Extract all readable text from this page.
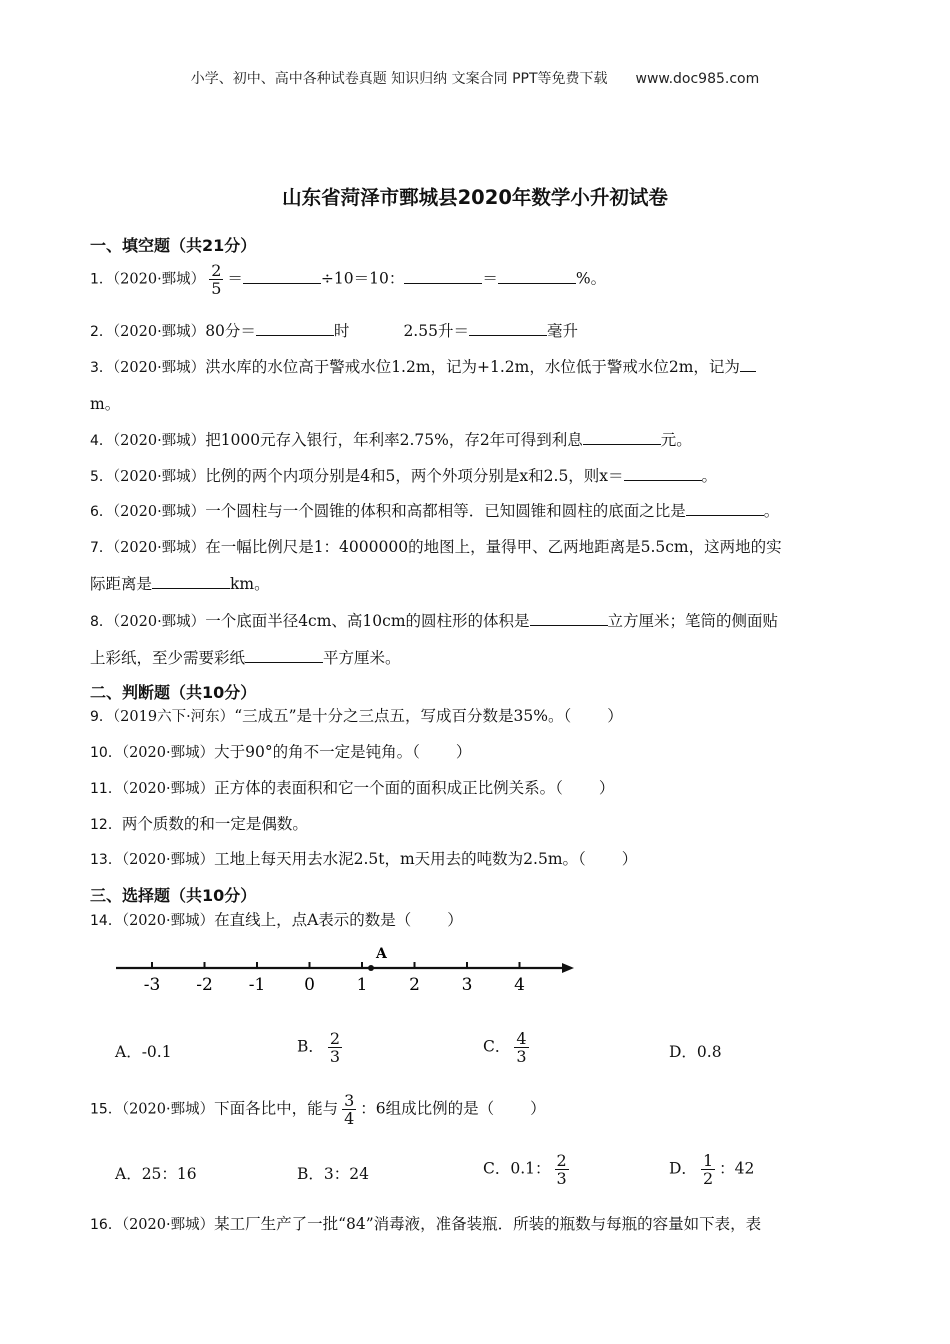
小学、初中、高中各种试卷真题 知识归纳 文案合同 PPT等免费下载 www.doc985.com
山东省菏泽市鄄城县2020年数学小升初试卷
一、填空题（共21分）
1．（2020·鄄城） $\frac{2}{5}$ ＝	÷10＝10：	＝	%。
2．（2020·鄄城）80分＝	时	2.55升＝	毫升
3．（2020·鄄城）洪水库的水位高于警戒水位1.2m，记为+1.2m，水位低于警戒水位2m，记为
m。
4．（2020·鄄城）把1000元存入银行，年利率2.75%，存2年可得到利息	元。
5．（2020·鄄城）比例的两个内项分别是4和5，两个外项分别是x和2.5，则x＝	。
6．（2020·鄄城）一个圆柱与一个圆锥的体积和高都相等．已知圆锥和圆柱的底面之比是	。
7．（2020·鄄城）在一幅比例尺是1：4000000的地图上，量得甲、乙两地距离是5.5cm，这两地的实
际距离是	km。
8．（2020·鄄城）一个底面半径4cm、高10cm的圆柱形的体积是	立方厘米；笔筒的侧面贴
上彩纸，至少需要彩纸	平方厘米。
二、判断题（共10分）
9．（2019六下·河东）“三成五”是十分之三点五，写成百分数是35%。（ ）
10．（2020·鄄城）大于90°的角不一定是钝角。（ ）
11．（2020·鄄城）正方体的表面积和它一个面的面积成正比例关系。（ ）
12．两个质数的和一定是偶数。
13．（2020·鄄城）工地上每天用去水泥2.5t，m天用去的吨数为2.5m。（ ）
三、选择题（共10分）
14．（2020·鄄城）在直线上，点A表示的数是（ ）
-3 -2 -1 0 1 2 3 4
A
A．-0.1	B． $\frac{2}{3}$	C． $\frac{4}{3}$	D．0.8
15．（2020·鄄城）下面各比中，能与 $\frac{3}{4}$ ：6组成比例的是（ ）
A．25：16	B．3：24	C．0.1： $\frac{2}{3}$	D． $\frac{1}{2}$ ：42
16．（2020·鄄城）某工厂生产了一批“84”消毒液，准备装瓶．所装的瓶数与每瓶的容量如下表，表
